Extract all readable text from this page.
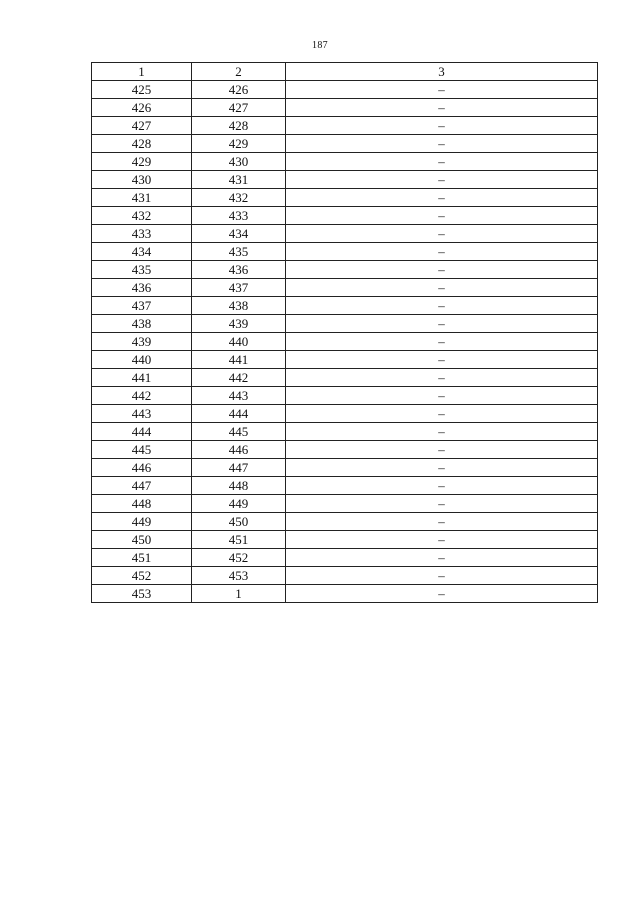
187
1	2	3
425	426	–
426	427	–
427	428	–
428	429	–
429	430	–
430	431	–
431	432	–
432	433	–
433	434	–
434	435	–
435	436	–
436	437	–
437	438	–
438	439	–
439	440	–
440	441	–
441	442	–
442	443	–
443	444	–
444	445	–
445	446	–
446	447	–
447	448	–
448	449	–
449	450	–
450	451	–
451	452	–
452	453	–
453	1	–
